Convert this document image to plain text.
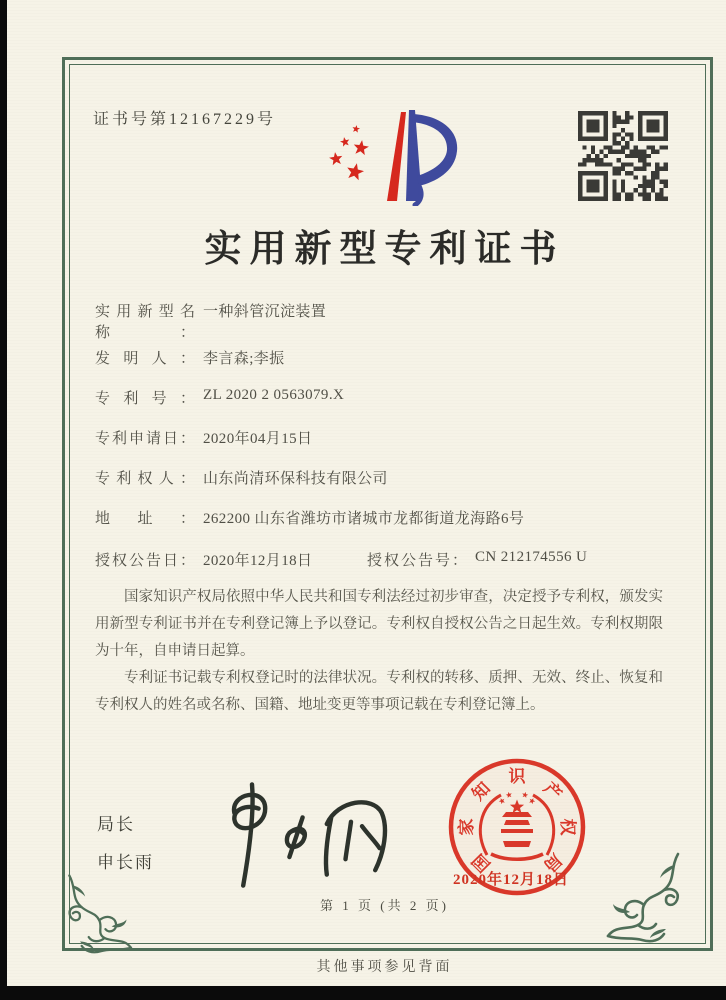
证书号第12167229号
实用新型专利证书
实用新型名称：一种斜管沉淀装置
发明人： 李言森;李振
专利号： ZL 2020 2 0563079.X
专利申请日： 2020年04月15日
专利权人： 山东尚清环保科技有限公司
地址： 262200 山东省潍坊市诸城市龙都街道龙海路6号
授权公告日： 2020年12月18日	授权公告号： CN 212174556 U

国家知识产权局依照中华人民共和国专利法经过初步审查，决定授予专利权，颁发实用新型专利证书并在专利登记簿上予以登记。专利权自授权公告之日起生效。专利权期限为十年，自申请日起算。

专利证书记载专利权登记时的法律状况。专利权的转移、质押、无效、终止、恢复和专利权人的姓名或名称、国籍、地址变更等事项记载在专利登记簿上。

局长
申长雨	国
家
知
识
产
权
局
2020年12月18日
第 1 页 (共 2 页)
其他事项参见背面
